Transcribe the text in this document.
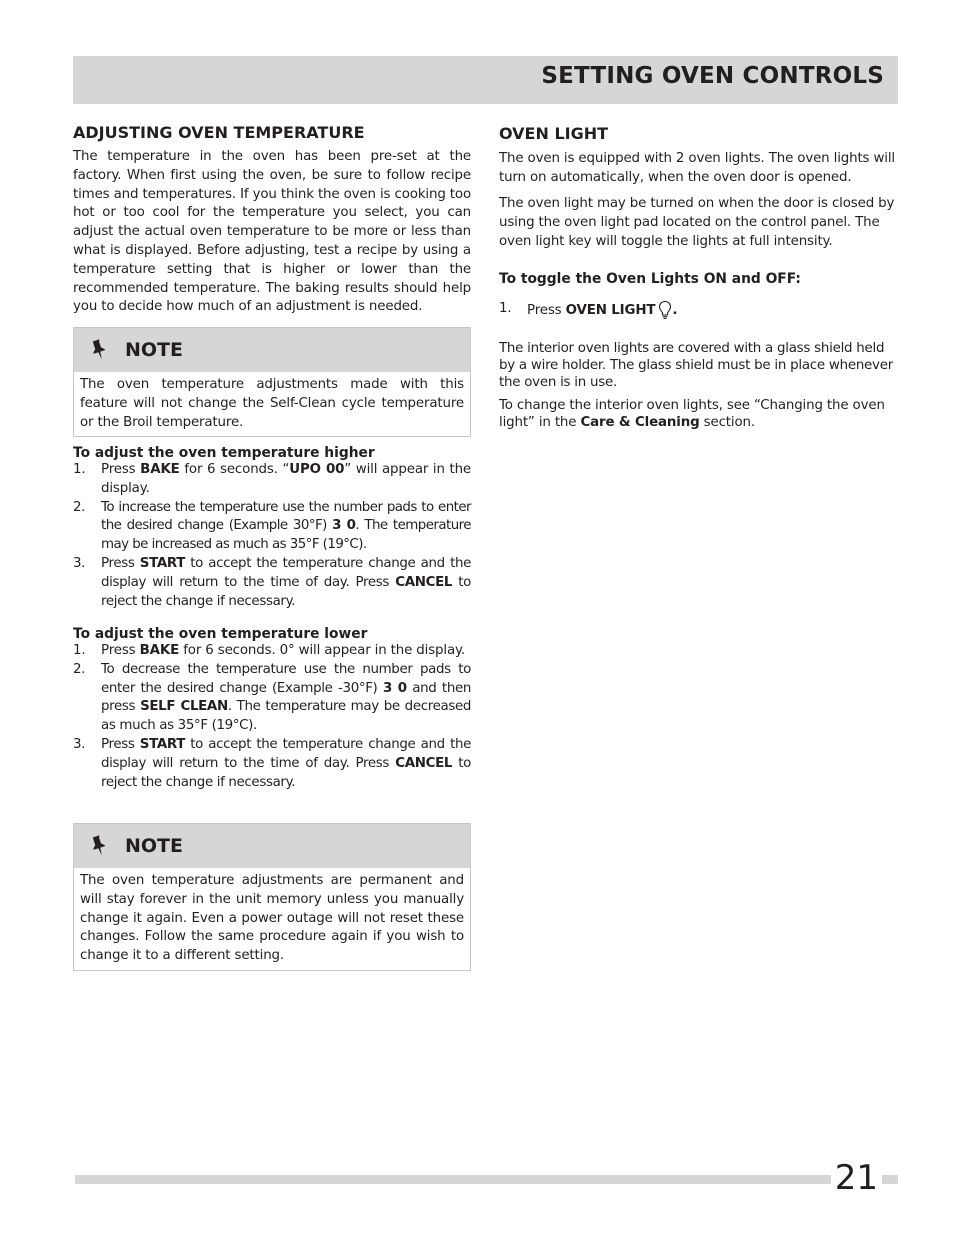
SETTING OVEN CONTROLS
ADJUSTING OVEN TEMPERATURE

The temperature in the oven has been pre-set at the factory. When first using the oven, be sure to follow recipe times and temperatures. If you think the oven is cooking too hot or too cool for the temperature you select, you can adjust the actual oven temperature to be more or less than what is displayed. Before adjusting, test a recipe by using a temperature setting that is higher or lower than the recommended temperature. The baking results should help you to decide how much of an adjustment is needed.

NOTE

The oven temperature adjustments made with this feature will not change the Self-Clean cycle temperature or the Broil temperature.

To adjust the oven temperature higher

1. Press BAKE for 6 seconds. “UPO 00” will appear in the display.
2. To increase the temperature use the number pads to enter the desired change (Example 30°F) 3 0. The temperature may be increased as much as 35°F (19°C).
3. Press START to accept the temperature change and the display will return to the time of day. Press CANCEL to reject the change if necessary.

To adjust the oven temperature lower

1. Press BAKE for 6 seconds. 0° will appear in the display.
2. To decrease the temperature use the number pads to enter the desired change (Example -30°F) 3 0 and then press SELF CLEAN. The temperature may be decreased as much as 35°F (19°C).
3. Press START to accept the temperature change and the display will return to the time of day. Press CANCEL to reject the change if necessary.
NOTE

The oven temperature adjustments are permanent and will stay forever in the unit memory unless you manually change it again. Even a power outage will not reset these changes. Follow the same procedure again if you wish to change it to a different setting.

OVEN LIGHT

The oven is equipped with 2 oven lights. The oven lights will turn on automatically, when the oven door is opened.

The oven light may be turned on when the door is closed by using the oven light pad located on the control panel. The oven light key will toggle the lights at full intensity.

To toggle the Oven Lights ON and OFF:

1. Press OVEN LIGHT .

The interior oven lights are covered with a glass shield held by a wire holder. The glass shield must be in place whenever the oven is in use.

To change the interior oven lights, see “Changing the oven light” in the Care & Cleaning section.

21
